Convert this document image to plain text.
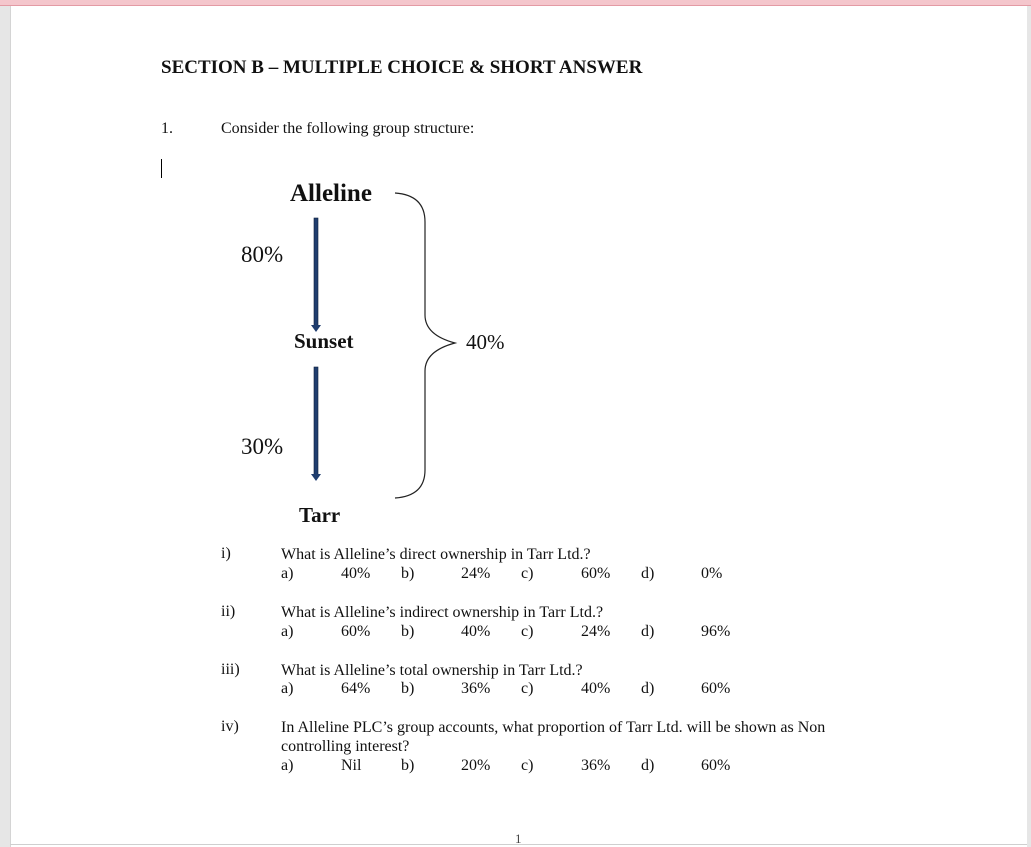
SECTION B – MULTIPLE CHOICE & SHORT ANSWER
1.	Consider the following group structure:
Alleline
80%
Sunset	40%
30%
Tarr
i)	What is Alleline’s direct ownership in Tarr Ltd.?
a)	40% b)	24% c)	60% d)	0%
ii)	What is Alleline’s indirect ownership in Tarr Ltd.?
a)	60% b)	40% c)	24% d)	96%
iii)	What is Alleline’s total ownership in Tarr Ltd.?
a)	64% b)	36% c)	40% d)	60%
iv)	In Alleline PLC’s group accounts, what proportion of Tarr Ltd. will be shown as Non controlling interest?
a)	Nil b)	20% c)	36% d)	60%
1
